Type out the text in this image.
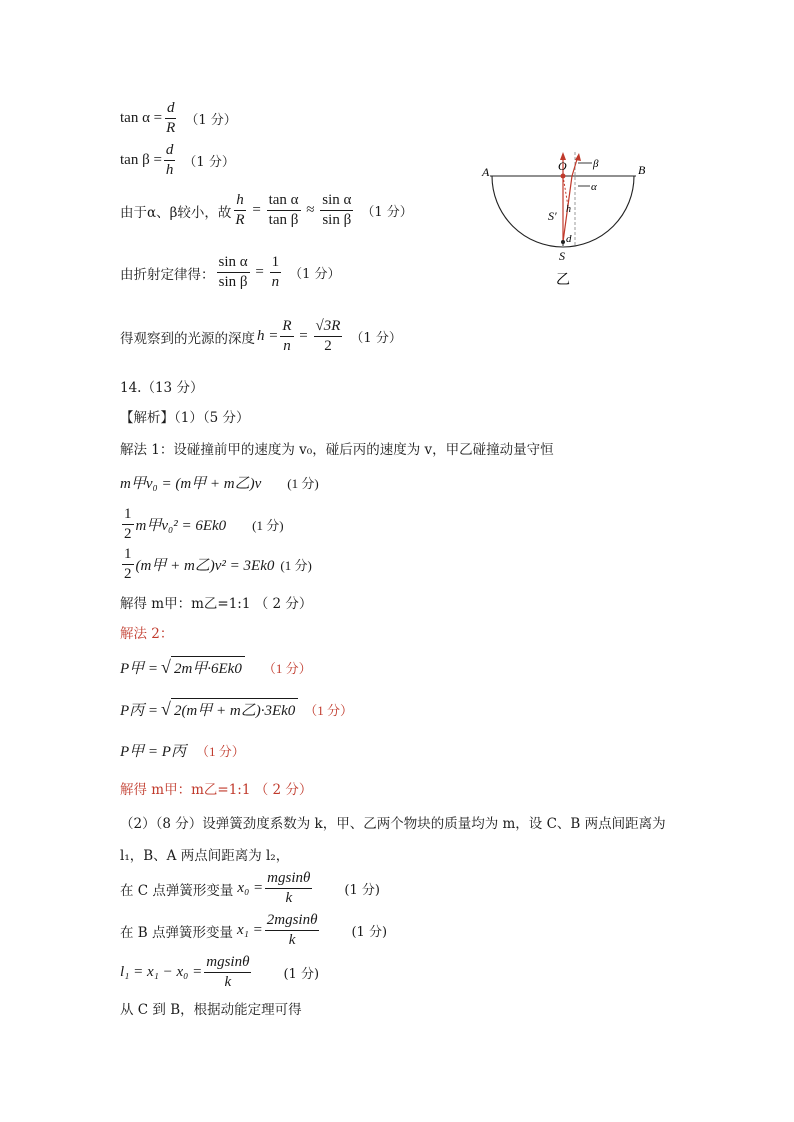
$\tan \alpha = \frac{d}{R} (1$ 分）
$\tan \beta = \frac{d}{h} (1$ 分）
由于α、β较小，故 $\frac{h}{R} = \frac{\text{tan α}}{\text{tan β}} \approx \frac{\text{sin α}}{\text{sin β}} (1$ 分）
由折射定律得： $\frac{\text{sin α}}{\text{sin β}} = \frac{1}{n} (1$ 分）
得观察到的光源的深度 $h = \frac{R}{n} = \frac{√3R}{2} (1$ 分）
A	B
O β
α
S′ h
d
S
乙
14.（13 分）
【解析】（1）（5 分）
解法 1：设碰撞前甲的速度为 v₀，碰后丙的速度为 v，甲乙碰撞动量守恒
m甲v₀ = (m甲 + m乙)v (1 分)
$\frac{1}{2}$ m甲v₀² = 6Ek0 (1 分)
$\frac{1}{2} (m$甲 + m乙)v² = 3Ek0 (1 分)
解得 m甲：m乙=1:1 （ 2 分）
解法 2：
P甲 = √ 2m甲·6Ek0 （1 分）
P丙 = √ 2(m甲 + m乙)·3Ek0 （1 分）
P甲 = P丙 （1 分）
解得 m甲：m乙=1:1 （ 2 分）
（2）（8 分）设弹簧劲度系数为 k，甲、乙两个物块的质量均为 m，设 C、B 两点间距离为
l₁，B、A 两点间距离为 l₂，
在 C 点弹簧形变量 $x_0 = \frac{mgsin\theta}{k} (1$ 分)
在 B 点弹簧形变量 $x_1 = \frac{2mgsin\theta}{k} (1$ 分)
$l_1 = x_1 - x_0 = \frac{mgsin\theta}{k} (1$ 分)
从 C 到 B，根据动能定理可得
